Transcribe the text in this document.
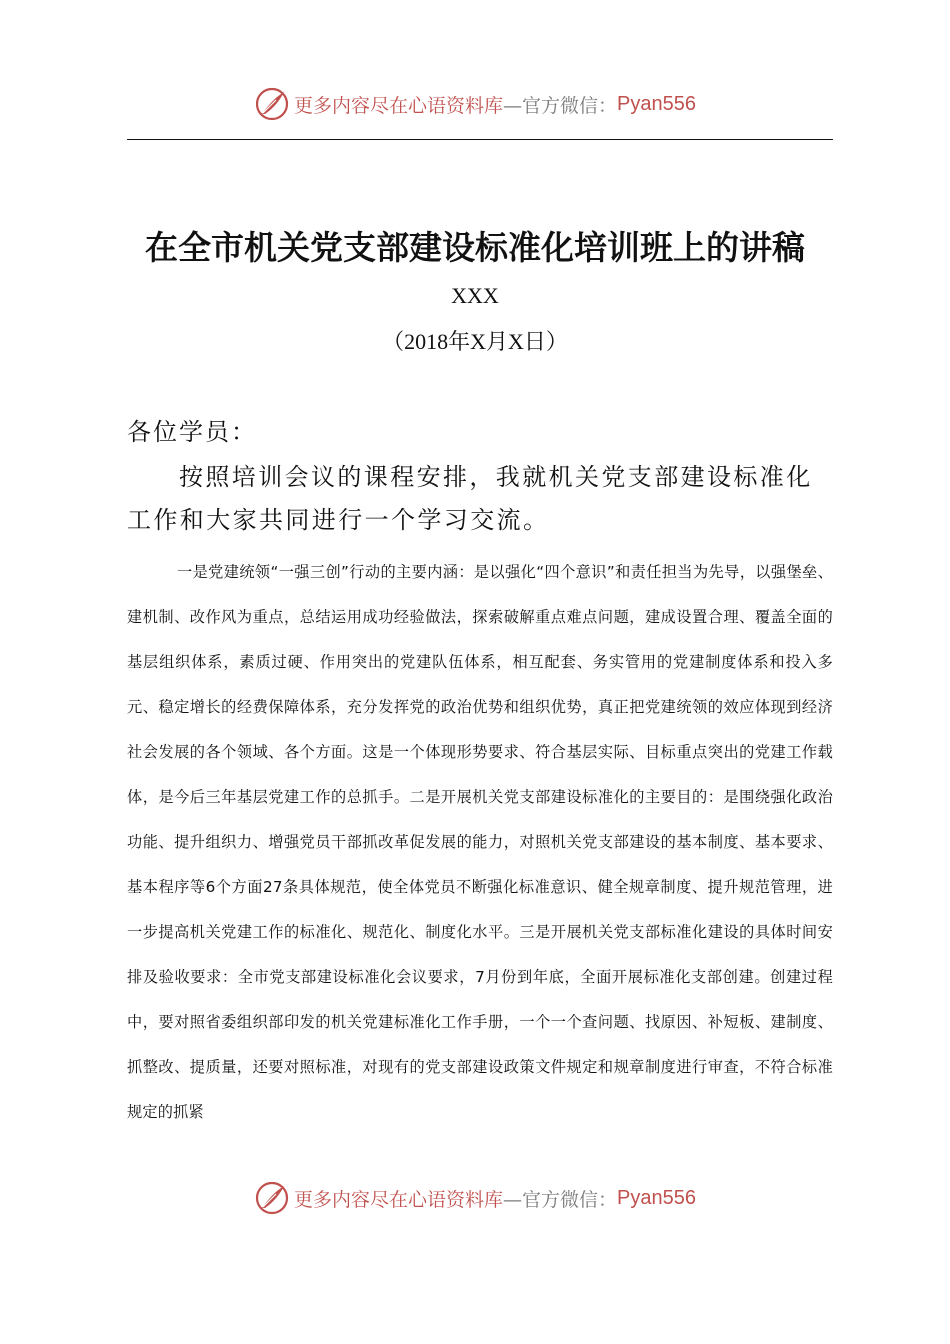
更多内容尽在心语资料库 —官方微信： Pyan556
在全市机关党支部建设标准化培训班上的讲稿
XXX
（2018年X月X日）
各位学员：

按照培训会议的课程安排，我就机关党支部建设标准化工作和大家共同进行一个学习交流。

一是党建统领“一强三创”行动的主要内涵：是以强化“四个意识”和责任担当为先导，以强堡垒、建机制、改作风为重点，总结运用成功经验做法，探索破解重点难点问题，建成设置合理、覆盖全面的基层组织体系，素质过硬、作用突出的党建队伍体系，相互配套、务实管用的党建制度体系和投入多元、稳定增长的经费保障体系，充分发挥党的政治优势和组织优势，真正把党建统领的效应体现到经济社会发展的各个领域、各个方面。这是一个体现形势要求、符合基层实际、目标重点突出的党建工作载体，是今后三年基层党建工作的总抓手。二是开展机关党支部建设标准化的主要目的：是围绕强化政治功能、提升组织力、增强党员干部抓改革促发展的能力，对照机关党支部建设的基本制度、基本要求、基本程序等6个方面27条具体规范，使全体党员不断强化标准意识、健全规章制度、提升规范管理，进一步提高机关党建工作的标准化、规范化、制度化水平。三是开展机关党支部标准化建设的具体时间安排及验收要求：全市党支部建设标准化会议要求，7月份到年底，全面开展标准化支部创建。创建过程中，要对照省委组织部印发的机关党建标准化工作手册，一个一个查问题、找原因、补短板、建制度、抓整改、提质量，还要对照标准，对现有的党支部建设政策文件规定和规章制度进行审查，不符合标准规定的抓紧

更多内容尽在心语资料库 —官方微信： Pyan556
